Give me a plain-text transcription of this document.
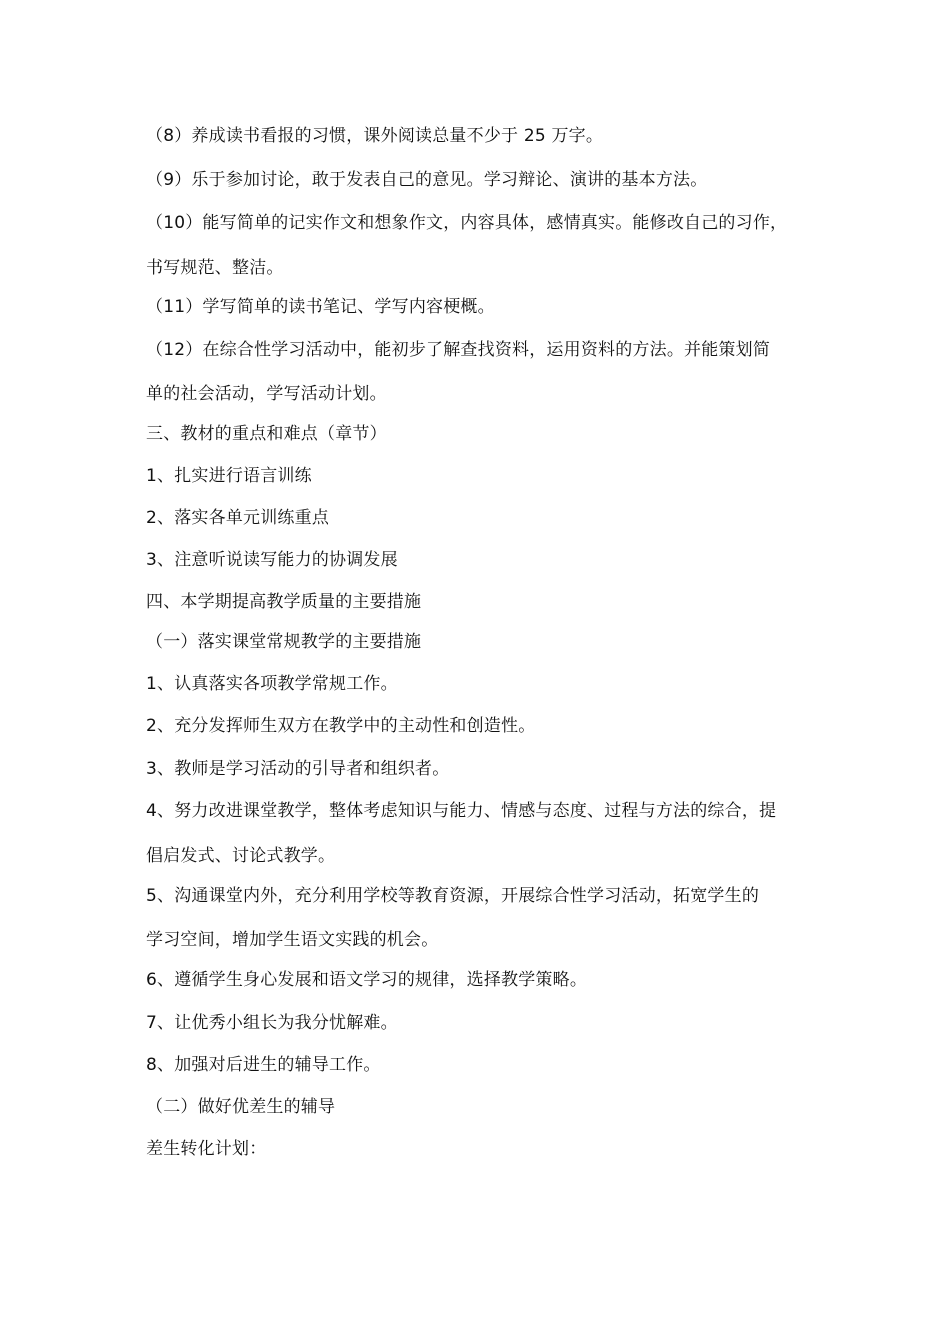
（8）养成读书看报的习惯，课外阅读总量不少于 25 万字。
（9）乐于参加讨论，敢于发表自己的意见。学习辩论、演讲的基本方法。
（10）能写简单的记实作文和想象作文，内容具体，感情真实。能修改自己的习作，
书写规范、整洁。
（11）学写简单的读书笔记、学写内容梗概。
（12）在综合性学习活动中，能初步了解查找资料，运用资料的方法。并能策划简
单的社会活动，学写活动计划。
三、教材的重点和难点（章节）
1、扎实进行语言训练
2、落实各单元训练重点
3、注意听说读写能力的协调发展
四、本学期提高教学质量的主要措施
（一）落实课堂常规教学的主要措施
1、认真落实各项教学常规工作。
2、充分发挥师生双方在教学中的主动性和创造性。
3、教师是学习活动的引导者和组织者。
4、努力改进课堂教学，整体考虑知识与能力、情感与态度、过程与方法的综合，提
倡启发式、讨论式教学。
5、沟通课堂内外，充分利用学校等教育资源，开展综合性学习活动，拓宽学生的
学习空间，增加学生语文实践的机会。
6、遵循学生身心发展和语文学习的规律，选择教学策略。
7、让优秀小组长为我分忧解难。
8、加强对后进生的辅导工作。
（二）做好优差生的辅导
差生转化计划：
